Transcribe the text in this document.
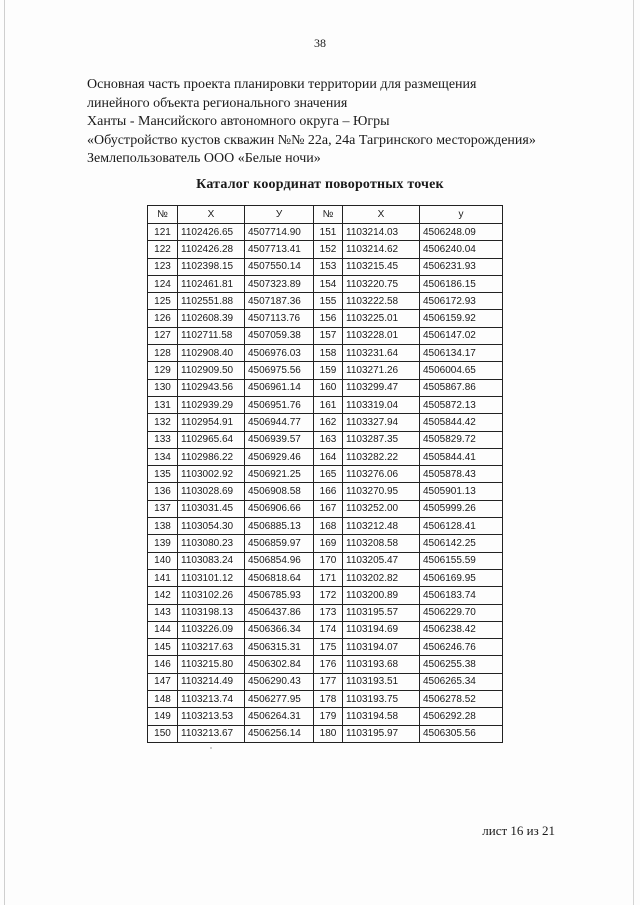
38
Основная часть проекта планировки территории для размещения
линейного объекта регионального значения
Ханты - Мансийского автономного округа – Югры
«Обустройство кустов скважин №№ 22а, 24а Тагринского месторождения»
Землепользователь ООО «Белые ночи»
Каталог координат поворотных точек
№	X	У	№	X	у
121	1102426.65	4507714.90	151	1103214.03	4506248.09
122	1102426.28	4507713.41	152	1103214.62	4506240.04
123	1102398.15	4507550.14	153	1103215.45	4506231.93
124	1102461.81	4507323.89	154	1103220.75	4506186.15
125	1102551.88	4507187.36	155	1103222.58	4506172.93
126	1102608.39	4507113.76	156	1103225.01	4506159.92
127	1102711.58	4507059.38	157	1103228.01	4506147.02
128	1102908.40	4506976.03	158	1103231.64	4506134.17
129	1102909.50	4506975.56	159	1103271.26	4506004.65
130	1102943.56	4506961.14	160	1103299.47	4505867.86
131	1102939.29	4506951.76	161	1103319.04	4505872.13
132	1102954.91	4506944.77	162	1103327.94	4505844.42
133	1102965.64	4506939.57	163	1103287.35	4505829.72
134	1102986.22	4506929.46	164	1103282.22	4505844.41
135	1103002.92	4506921.25	165	1103276.06	4505878.43
136	1103028.69	4506908.58	166	1103270.95	4505901.13
137	1103031.45	4506906.66	167	1103252.00	4505999.26
138	1103054.30	4506885.13	168	1103212.48	4506128.41
139	1103080.23	4506859.97	169	1103208.58	4506142.25
140	1103083.24	4506854.96	170	1103205.47	4506155.59
141	1103101.12	4506818.64	171	1103202.82	4506169.95
142	1103102.26	4506785.93	172	1103200.89	4506183.74
143	1103198.13	4506437.86	173	1103195.57	4506229.70
144	1103226.09	4506366.34	174	1103194.69	4506238.42
145	1103217.63	4506315.31	175	1103194.07	4506246.76
146	1103215.80	4506302.84	176	1103193.68	4506255.38
147	1103214.49	4506290.43	177	1103193.51	4506265.34
148	1103213.74	4506277.95	178	1103193.75	4506278.52
149	1103213.53	4506264.31	179	1103194.58	4506292.28
150	1103213.67	4506256.14	180	1103195.97	4506305.56
лист 16 из 21
